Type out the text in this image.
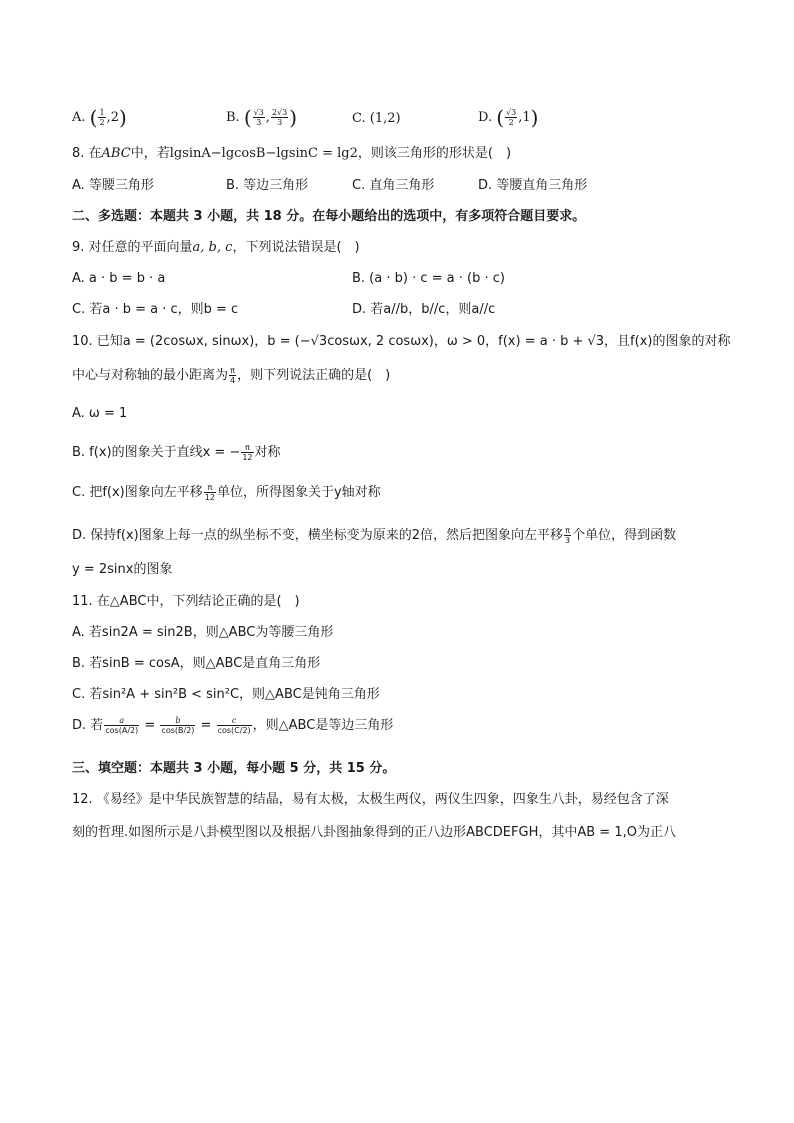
A. ( $\frac{1}{2} ,2$)	B. ( $\frac{√3}{3}$ , $\frac{2√3}{3}$ )	C. (1,2)	D. ( $\frac{√3}{2} ,1$)
8. 在ABC中，若lgsinA−lgcosB−lgsinC = lg2，则该三角形的形状是(　)
A. 等腰三角形	B. 等边三角形	C. 直角三角形	D. 等腰直角三角形
二、多选题：本题共 3 小题，共 18 分。在每小题给出的选项中，有多项符合题目要求。
9. 对任意的平面向量a, b, c，下列说法错误是(　)
A. a · b = b · a	B. (a · b) · c = a · (b · c)
C. 若a · b = a · c，则b = c	D. 若a//b，b//c，则a//c
10. 已知a = (2cosωx, sinωx)，b = (−√3cosωx, 2 cosωx)，ω > 0，f(x) = a · b + √3，且f(x)的图象的对称
中心与对称轴的最小距离为 $\frac{\pi}{4}$ ，则下列说法正确的是(　)
A. ω = 1
B. f(x)的图象关于直线x = − $\frac{\pi}{12}$ 对称
C. 把f(x)图象向左平移 $\frac{\pi}{12}$ 单位，所得图象关于y轴对称
D. 保持f(x)图象上每一点的纵坐标不变，横坐标变为原来的2倍，然后把图象向左平移 $\frac{\pi}{3}$ 个单位，得到函数
y = 2sinx的图象
11. 在△ABC中，下列结论正确的是(　)
A. 若sin2A = sin2B，则△ABC为等腰三角形
B. 若sinB = cosA，则△ABC是直角三角形
C. 若sin²A + sin²B < sin²C，则△ABC是钝角三角形
D. 若 $\frac{a}{\cos(A/2)} = \frac{b}{\cos(B/2)} = \frac{c}{\cos(C/2)}$ ，则△ABC是等边三角形
三、填空题：本题共 3 小题，每小题 5 分，共 15 分。
12. 《易经》是中华民族智慧的结晶，易有太极，太极生两仪，两仪生四象，四象生八卦，易经包含了深
刻的哲理.如图所示是八卦模型图以及根据八卦图抽象得到的正八边形ABCDEFGH，其中AB = 1,O为正八
